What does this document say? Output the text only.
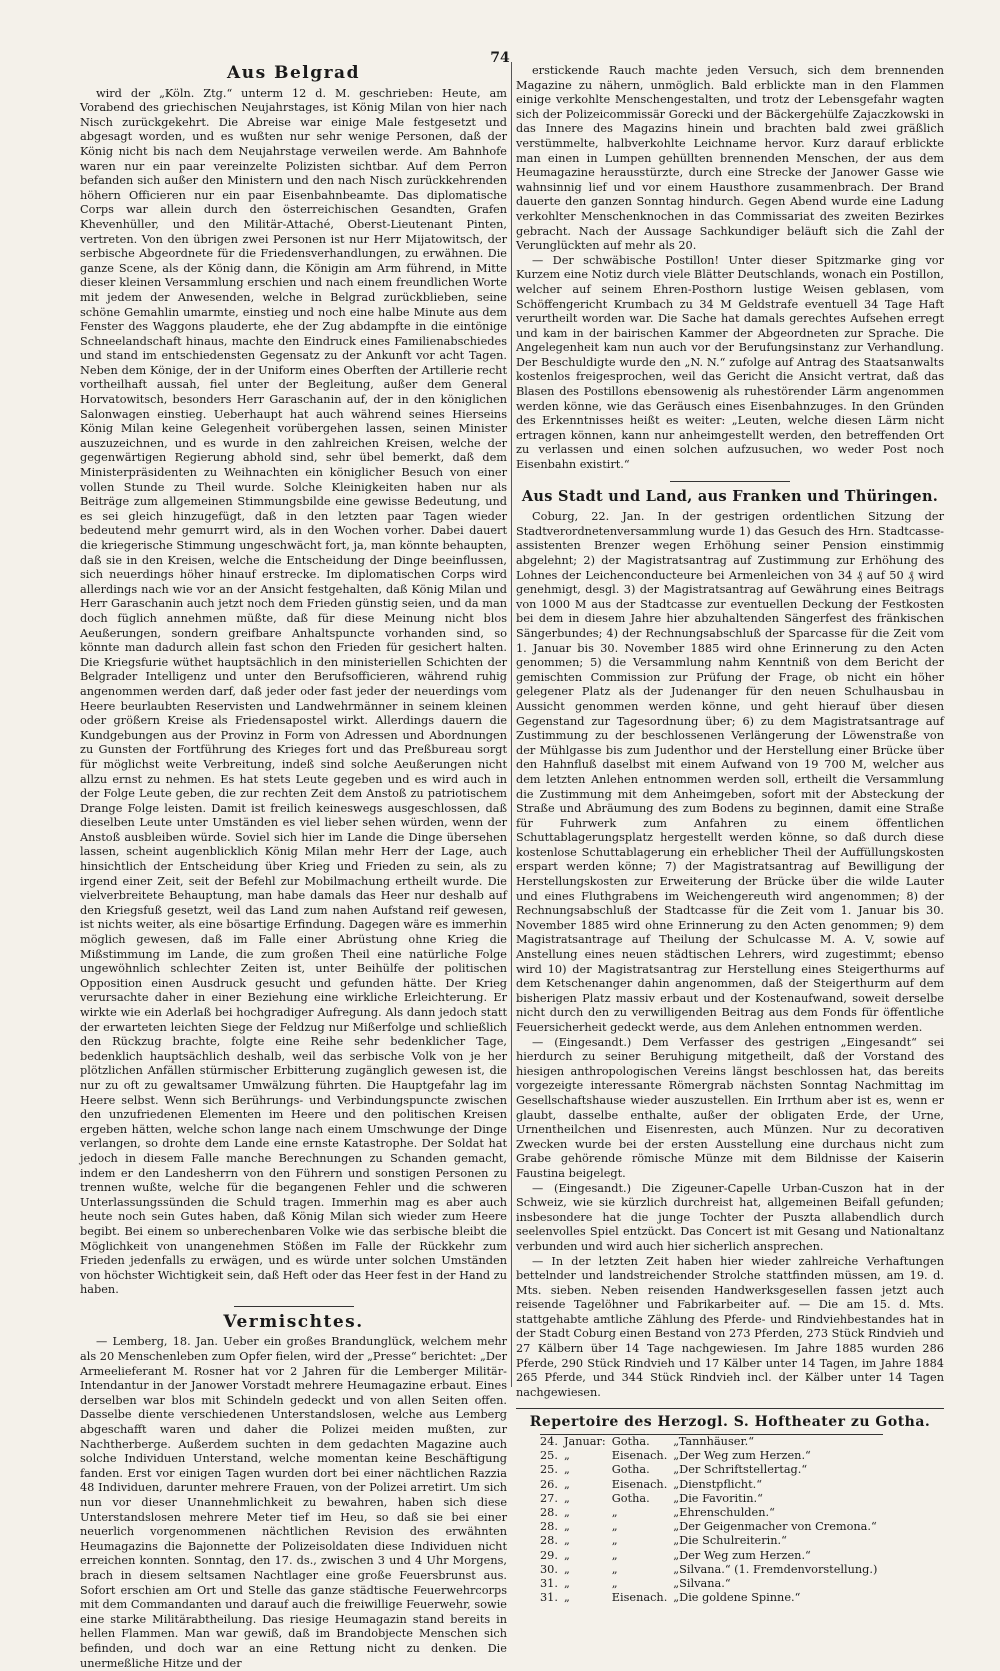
74
Aus Belgrad

wird der „Köln. Ztg.“ unterm 12 d. M. geschrieben: Heute, am Vorabend des griechischen Neujahrstages, ist König Milan von hier nach Nisch zurückgekehrt. Die Abreise war einige Male festgesetzt und abgesagt worden, und es wußten nur sehr wenige Personen, daß der König nicht bis nach dem Neujahrstage verweilen werde. Am Bahnhofe waren nur ein paar vereinzelte Polizisten sichtbar. Auf dem Perron befanden sich außer den Ministern und den nach Nisch zurückkehrenden höhern Officieren nur ein paar Eisenbahnbeamte. Das diplomatische Corps war allein durch den österreichischen Gesandten, Grafen Khevenhüller, und den Militär-Attaché, Oberst-Lieutenant Pinten, vertreten. Von den übrigen zwei Personen ist nur Herr Mijatowitsch, der serbische Abgeordnete für die Friedensverhandlungen, zu erwähnen. Die ganze Scene, als der König dann, die Königin am Arm führend, in Mitte dieser kleinen Versammlung erschien und nach einem freundlichen Worte mit jedem der Anwesenden, welche in Belgrad zurückblieben, seine schöne Gemahlin umarmte, einstieg und noch eine halbe Minute aus dem Fenster des Waggons plauderte, ehe der Zug abdampfte in die eintönige Schneelandschaft hinaus, machte den Eindruck eines Familienabschiedes und stand im entschiedensten Gegensatz zu der Ankunft vor acht Tagen. Neben dem Könige, der in der Uniform eines Oberften der Artillerie recht vortheilhaft aussah, fiel unter der Begleitung, außer dem General Horvatowitsch, besonders Herr Garaschanin auf, der in den königlichen Salonwagen einstieg. Ueberhaupt hat auch während seines Hierseins König Milan keine Gelegenheit vorübergehen lassen, seinen Minister auszuzeichnen, und es wurde in den zahlreichen Kreisen, welche der gegenwärtigen Regierung abhold sind, sehr übel bemerkt, daß dem Ministerpräsidenten zu Weihnachten ein königlicher Besuch von einer vollen Stunde zu Theil wurde. Solche Kleinigkeiten haben nur als Beiträge zum allgemeinen Stimmungsbilde eine gewisse Bedeutung, und es sei gleich hinzugefügt, daß in den letzten paar Tagen wieder bedeutend mehr gemurrt wird, als in den Wochen vorher. Dabei dauert die kriegerische Stimmung ungeschwächt fort, ja, man könnte behaupten, daß sie in den Kreisen, welche die Entscheidung der Dinge beeinflussen, sich neuerdings höher hinauf erstrecke. Im diplomatischen Corps wird allerdings nach wie vor an der Ansicht festgehalten, daß König Milan und Herr Garaschanin auch jetzt noch dem Frieden günstig seien, und da man doch füglich annehmen müßte, daß für diese Meinung nicht blos Aeußerungen, sondern greifbare Anhaltspuncte vorhanden sind, so könnte man dadurch allein fast schon den Frieden für gesichert halten. Die Kriegsfurie wüthet hauptsächlich in den ministeriellen Schichten der Belgrader Intelligenz und unter den Berufsofficieren, während ruhig angenommen werden darf, daß jeder oder fast jeder der neuerdings vom Heere beurlaubten Reservisten und Landwehrmänner in seinem kleinen oder größern Kreise als Friedensapostel wirkt. Allerdings dauern die Kundgebungen aus der Provinz in Form von Adressen und Abordnungen zu Gunsten der Fortführung des Krieges fort und das Preßbureau sorgt für möglichst weite Verbreitung, indeß sind solche Aeußerungen nicht allzu ernst zu nehmen. Es hat stets Leute gegeben und es wird auch in der Folge Leute geben, die zur rechten Zeit dem Anstoß zu patriotischem Drange Folge leisten. Damit ist freilich keineswegs ausgeschlossen, daß dieselben Leute unter Umständen es viel lieber sehen würden, wenn der Anstoß ausbleiben würde. Soviel sich hier im Lande die Dinge übersehen lassen, scheint augenblicklich König Milan mehr Herr der Lage, auch hinsichtlich der Entscheidung über Krieg und Frieden zu sein, als zu irgend einer Zeit, seit der Befehl zur Mobilmachung ertheilt wurde. Die vielverbreitete Behauptung, man habe damals das Heer nur deshalb auf den Kriegsfuß gesetzt, weil das Land zum nahen Aufstand reif gewesen, ist nichts weiter, als eine bösartige Erfindung. Dagegen wäre es immerhin möglich gewesen, daß im Falle einer Abrüstung ohne Krieg die Mißstimmung im Lande, die zum großen Theil eine natürliche Folge ungewöhnlich schlechter Zeiten ist, unter Beihülfe der politischen Opposition einen Ausdruck gesucht und gefunden hätte. Der Krieg verursachte daher in einer Beziehung eine wirkliche Erleichterung. Er wirkte wie ein Aderlaß bei hochgradiger Aufregung. Als dann jedoch statt der erwarteten leichten Siege der Feldzug nur Mißerfolge und schließlich den Rückzug brachte, folgte eine Reihe sehr bedenklicher Tage, bedenklich hauptsächlich deshalb, weil das serbische Volk von je her plötzlichen Anfällen stürmischer Erbitterung zugänglich gewesen ist, die nur zu oft zu gewaltsamer Umwälzung führten. Die Hauptgefahr lag im Heere selbst. Wenn sich Berührungs- und Verbindungspuncte zwischen den unzufriedenen Elementen im Heere und den politischen Kreisen ergeben hätten, welche schon lange nach einem Umschwunge der Dinge verlangen, so drohte dem Lande eine ernste Katastrophe. Der Soldat hat jedoch in diesem Falle manche Berechnungen zu Schanden gemacht, indem er den Landesherrn von den Führern und sonstigen Personen zu trennen wußte, welche für die begangenen Fehler und die schweren Unterlassungssünden die Schuld tragen. Immerhin mag es aber auch heute noch sein Gutes haben, daß König Milan sich wieder zum Heere begibt. Bei einem so unberechenbaren Volke wie das serbische bleibt die Möglichkeit von unangenehmen Stößen im Falle der Rückkehr zum Frieden jedenfalls zu erwägen, und es würde unter solchen Umständen von höchster Wichtigkeit sein, daß Heft oder das Heer fest in der Hand zu haben.

Vermischtes.

— Lemberg, 18. Jan. Ueber ein großes Brandunglück, welchem mehr als 20 Menschenleben zum Opfer fielen, wird der „Presse“ berichtet: „Der Armeelieferant M. Rosner hat vor 2 Jahren für die Lemberger Militär-Intendantur in der Janower Vorstadt mehrere Heumagazine erbaut. Eines derselben war blos mit Schindeln gedeckt und von allen Seiten offen. Dasselbe diente verschiedenen Unterstandslosen, welche aus Lemberg abgeschafft waren und daher die Polizei meiden mußten, zur Nachtherberge. Außerdem suchten in dem gedachten Magazine auch solche Individuen Unterstand, welche momentan keine Beschäftigung fanden. Erst vor einigen Tagen wurden dort bei einer nächtlichen Razzia 48 Individuen, darunter mehrere Frauen, von der Polizei arretirt. Um sich nun vor dieser Unannehmlichkeit zu bewahren, haben sich diese Unterstandslosen mehrere Meter tief im Heu, so daß sie bei einer neuerlich vorgenommenen nächtlichen Revision des erwähnten Heumagazins die Bajonnette der Polizeisoldaten diese Individuen nicht erreichen konnten. Sonntag, den 17. ds., zwischen 3 und 4 Uhr Morgens, brach in diesem seltsamen Nachtlager eine große Feuersbrunst aus. Sofort erschien am Ort und Stelle das ganze städtische Feuerwehrcorps mit dem Commandanten und darauf auch die freiwillige Feuerwehr, sowie eine starke Militärabtheilung. Das riesige Heumagazin stand bereits in hellen Flammen. Man war gewiß, daß im Brandobjecte Menschen sich befinden, und doch war an eine Rettung nicht zu denken. Die unermeßliche Hitze und der

erstickende Rauch machte jeden Versuch, sich dem brennenden Magazine zu nähern, unmöglich. Bald erblickte man in den Flammen einige verkohlte Menschengestalten, und trotz der Lebensgefahr wagten sich der Polizeicommissär Gorecki und der Bäckergehülfe Zajaczkowski in das Innere des Magazins hinein und brachten bald zwei gräßlich verstümmelte, halbverkohlte Leichname hervor. Kurz darauf erblickte man einen in Lumpen gehüllten brennenden Menschen, der aus dem Heumagazine herausstürzte, durch eine Strecke der Janower Gasse wie wahnsinnig lief und vor einem Hausthore zusammenbrach. Der Brand dauerte den ganzen Sonntag hindurch. Gegen Abend wurde eine Ladung verkohlter Menschenknochen in das Commissariat des zweiten Bezirkes gebracht. Nach der Aussage Sachkundiger beläuft sich die Zahl der Verunglückten auf mehr als 20.

— Der schwäbische Postillon! Unter dieser Spitzmarke ging vor Kurzem eine Notiz durch viele Blätter Deutschlands, wonach ein Postillon, welcher auf seinem Ehren-Posthorn lustige Weisen geblasen, vom Schöffengericht Krumbach zu 34 M Geldstrafe eventuell 34 Tage Haft verurtheilt worden war. Die Sache hat damals gerechtes Aufsehen erregt und kam in der bairischen Kammer der Abgeordneten zur Sprache. Die Angelegenheit kam nun auch vor der Berufungsinstanz zur Verhandlung. Der Beschuldigte wurde den „N. N.“ zufolge auf Antrag des Staatsanwalts kostenlos freigesprochen, weil das Gericht die Ansicht vertrat, daß das Blasen des Postillons ebensowenig als ruhestörender Lärm angenommen werden könne, wie das Geräusch eines Eisenbahnzuges. In den Gründen des Erkenntnisses heißt es weiter: „Leuten, welche diesen Lärm nicht ertragen können, kann nur anheimgestellt werden, den betreffenden Ort zu verlassen und einen solchen aufzusuchen, wo weder Post noch Eisenbahn existirt.“

Aus Stadt und Land, aus Franken und Thüringen.

Coburg, 22. Jan. In der gestrigen ordentlichen Sitzung der Stadtverordnetenversammlung wurde 1) das Gesuch des Hrn. Stadtcasse-assistenten Brenzer wegen Erhöhung seiner Pension einstimmig abgelehnt; 2) der Magistratsantrag auf Zustimmung zur Erhöhung des Lohnes der Leichenconducteure bei Armenleichen von 34 ₰ auf 50 ₰ wird genehmigt, desgl. 3) der Magistratsantrag auf Gewährung eines Beitrags von 1000 M aus der Stadtcasse zur eventuellen Deckung der Festkosten bei dem in diesem Jahre hier abzuhaltenden Sängerfest des fränkischen Sängerbundes; 4) der Rechnungsabschluß der Sparcasse für die Zeit vom 1. Januar bis 30. November 1885 wird ohne Erinnerung zu den Acten genommen; 5) die Versammlung nahm Kenntniß von dem Bericht der gemischten Commission zur Prüfung der Frage, ob nicht ein höher gelegener Platz als der Judenanger für den neuen Schulhausbau in Aussicht genommen werden könne, und geht hierauf über diesen Gegenstand zur Tagesordnung über; 6) zu dem Magistratsantrage auf Zustimmung zu der beschlossenen Verlängerung der Löwenstraße von der Mühlgasse bis zum Judenthor und der Herstellung einer Brücke über den Hahnfluß daselbst mit einem Aufwand von 19 700 M, welcher aus dem letzten Anlehen entnommen werden soll, ertheilt die Versammlung die Zustimmung mit dem Anheimgeben, sofort mit der Absteckung der Straße und Abräumung des zum Bodens zu beginnen, damit eine Straße für Fuhrwerk zum Anfahren zu einem öffentlichen Schuttablagerungsplatz hergestellt werden könne, so daß durch diese kostenlose Schuttablagerung ein erheblicher Theil der Auffüllungskosten erspart werden könne; 7) der Magistratsantrag auf Bewilligung der Herstellungskosten zur Erweiterung der Brücke über die wilde Lauter und eines Fluthgrabens im Weichengereuth wird angenommen; 8) der Rechnungsabschluß der Stadtcasse für die Zeit vom 1. Januar bis 30. November 1885 wird ohne Erinnerung zu den Acten genommen; 9) dem Magistratsantrage auf Theilung der Schulcasse M. A. V, sowie auf Anstellung eines neuen städtischen Lehrers, wird zugestimmt; ebenso wird 10) der Magistratsantrag zur Herstellung eines Steigerthurms auf dem Ketschenanger dahin angenommen, daß der Steigerthurm auf dem bisherigen Platz massiv erbaut und der Kostenaufwand, soweit derselbe nicht durch den zu verwilligenden Beitrag aus dem Fonds für öffentliche Feuersicherheit gedeckt werde, aus dem Anlehen entnommen werden.

— (Eingesandt.) Dem Verfasser des gestrigen „Eingesandt“ sei hierdurch zu seiner Beruhigung mitgetheilt, daß der Vorstand des hiesigen anthropologischen Vereins längst beschlossen hat, das bereits vorgezeigte interessante Römergrab nächsten Sonntag Nachmittag im Gesellschaftshause wieder auszustellen. Ein Irrthum aber ist es, wenn er glaubt, dasselbe enthalte, außer der obligaten Erde, der Urne, Urnentheilchen und Eisenresten, auch Münzen. Nur zu decorativen Zwecken wurde bei der ersten Ausstellung eine durchaus nicht zum Grabe gehörende römische Münze mit dem Bildnisse der Kaiserin Faustina beigelegt.

— (Eingesandt.) Die Zigeuner-Capelle Urban-Cuszon hat in der Schweiz, wie sie kürzlich durchreist hat, allgemeinen Beifall gefunden; insbesondere hat die junge Tochter der Puszta allabendlich durch seelenvolles Spiel entzückt. Das Concert ist mit Gesang und Nationaltanz verbunden und wird auch hier sicherlich ansprechen.

— In der letzten Zeit haben hier wieder zahlreiche Verhaftungen bettelnder und landstreichender Strolche stattfinden müssen, am 19. d. Mts. sieben. Neben reisenden Handwerksgesellen fassen jetzt auch reisende Tagelöhner und Fabrikarbeiter auf. — Die am 15. d. Mts. stattgehabte amtliche Zählung des Pferde- und Rindviehbestandes hat in der Stadt Coburg einen Bestand von 273 Pferden, 273 Stück Rindvieh und 27 Kälbern über 14 Tage nachgewiesen. Im Jahre 1885 wurden 286 Pferde, 290 Stück Rindvieh und 17 Kälber unter 14 Tagen, im Jahre 1884 265 Pferde, und 344 Stück Rindvieh incl. der Kälber unter 14 Tagen nachgewiesen.

Repertoire des Herzogl. S. Hoftheater zu Gotha.
24.	Januar:	Gotha.	„Tannhäuser.“
25.	„	Eisenach.	„Der Weg zum Herzen.“
25.	„	Gotha.	„Der Schriftstellertag.“
26.	„	Eisenach.	„Dienstpflicht.“
27.	„	Gotha.	„Die Favoritin.“
28.	„	„	„Ehrenschulden.“
28.	„	„	„Der Geigenmacher von Cremona.“
28.	„	„	„Die Schulreiterin.“
29.	„	„	„Der Weg zum Herzen.“
30.	„	„	„Silvana.“ (1. Fremdenvorstellung.)
31.	„	„	„Silvana.“
31.	„	Eisenach.	„Die goldene Spinne.“
